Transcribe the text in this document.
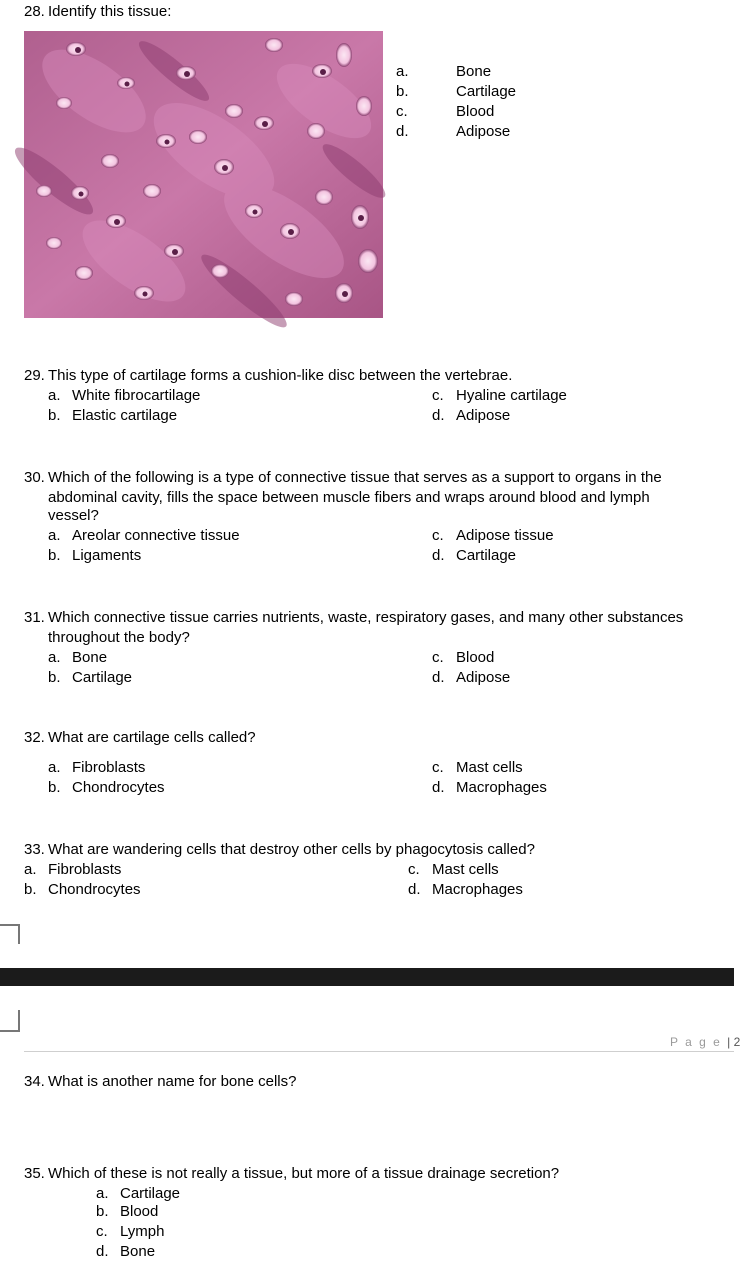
28. Identify this tissue:
a.	Bone
b.	Cartilage
c.	Blood
d.	Adipose
29. This type of cartilage forms a cushion-like disc between the vertebrae.
a. White fibrocartilage
b. Elastic cartilage
c. Hyaline cartilage
d. Adipose
30. Which of the following is a type of connective tissue that serves as a support to organs in the
abdominal cavity, fills the space between muscle fibers and wraps around blood and lymph
vessel?
a. Areolar connective tissue
b. Ligaments
c. Adipose tissue
d. Cartilage
31. Which connective tissue carries nutrients, waste, respiratory gases, and many other substances
throughout the body?
a. Bone
b. Cartilage
c. Blood
d. Adipose
32. What are cartilage cells called?
a. Fibroblasts
b. Chondrocytes
c. Mast cells
d. Macrophages
33. What are wandering cells that destroy other cells by phagocytosis called?
a. Fibroblasts
b. Chondrocytes
c. Mast cells
d. Macrophages
P a g e | 2
34. What is another name for bone cells?
35. Which of these is not really a tissue, but more of a tissue drainage secretion?
a. Cartilage
b. Blood
c. Lymph
d. Bone
